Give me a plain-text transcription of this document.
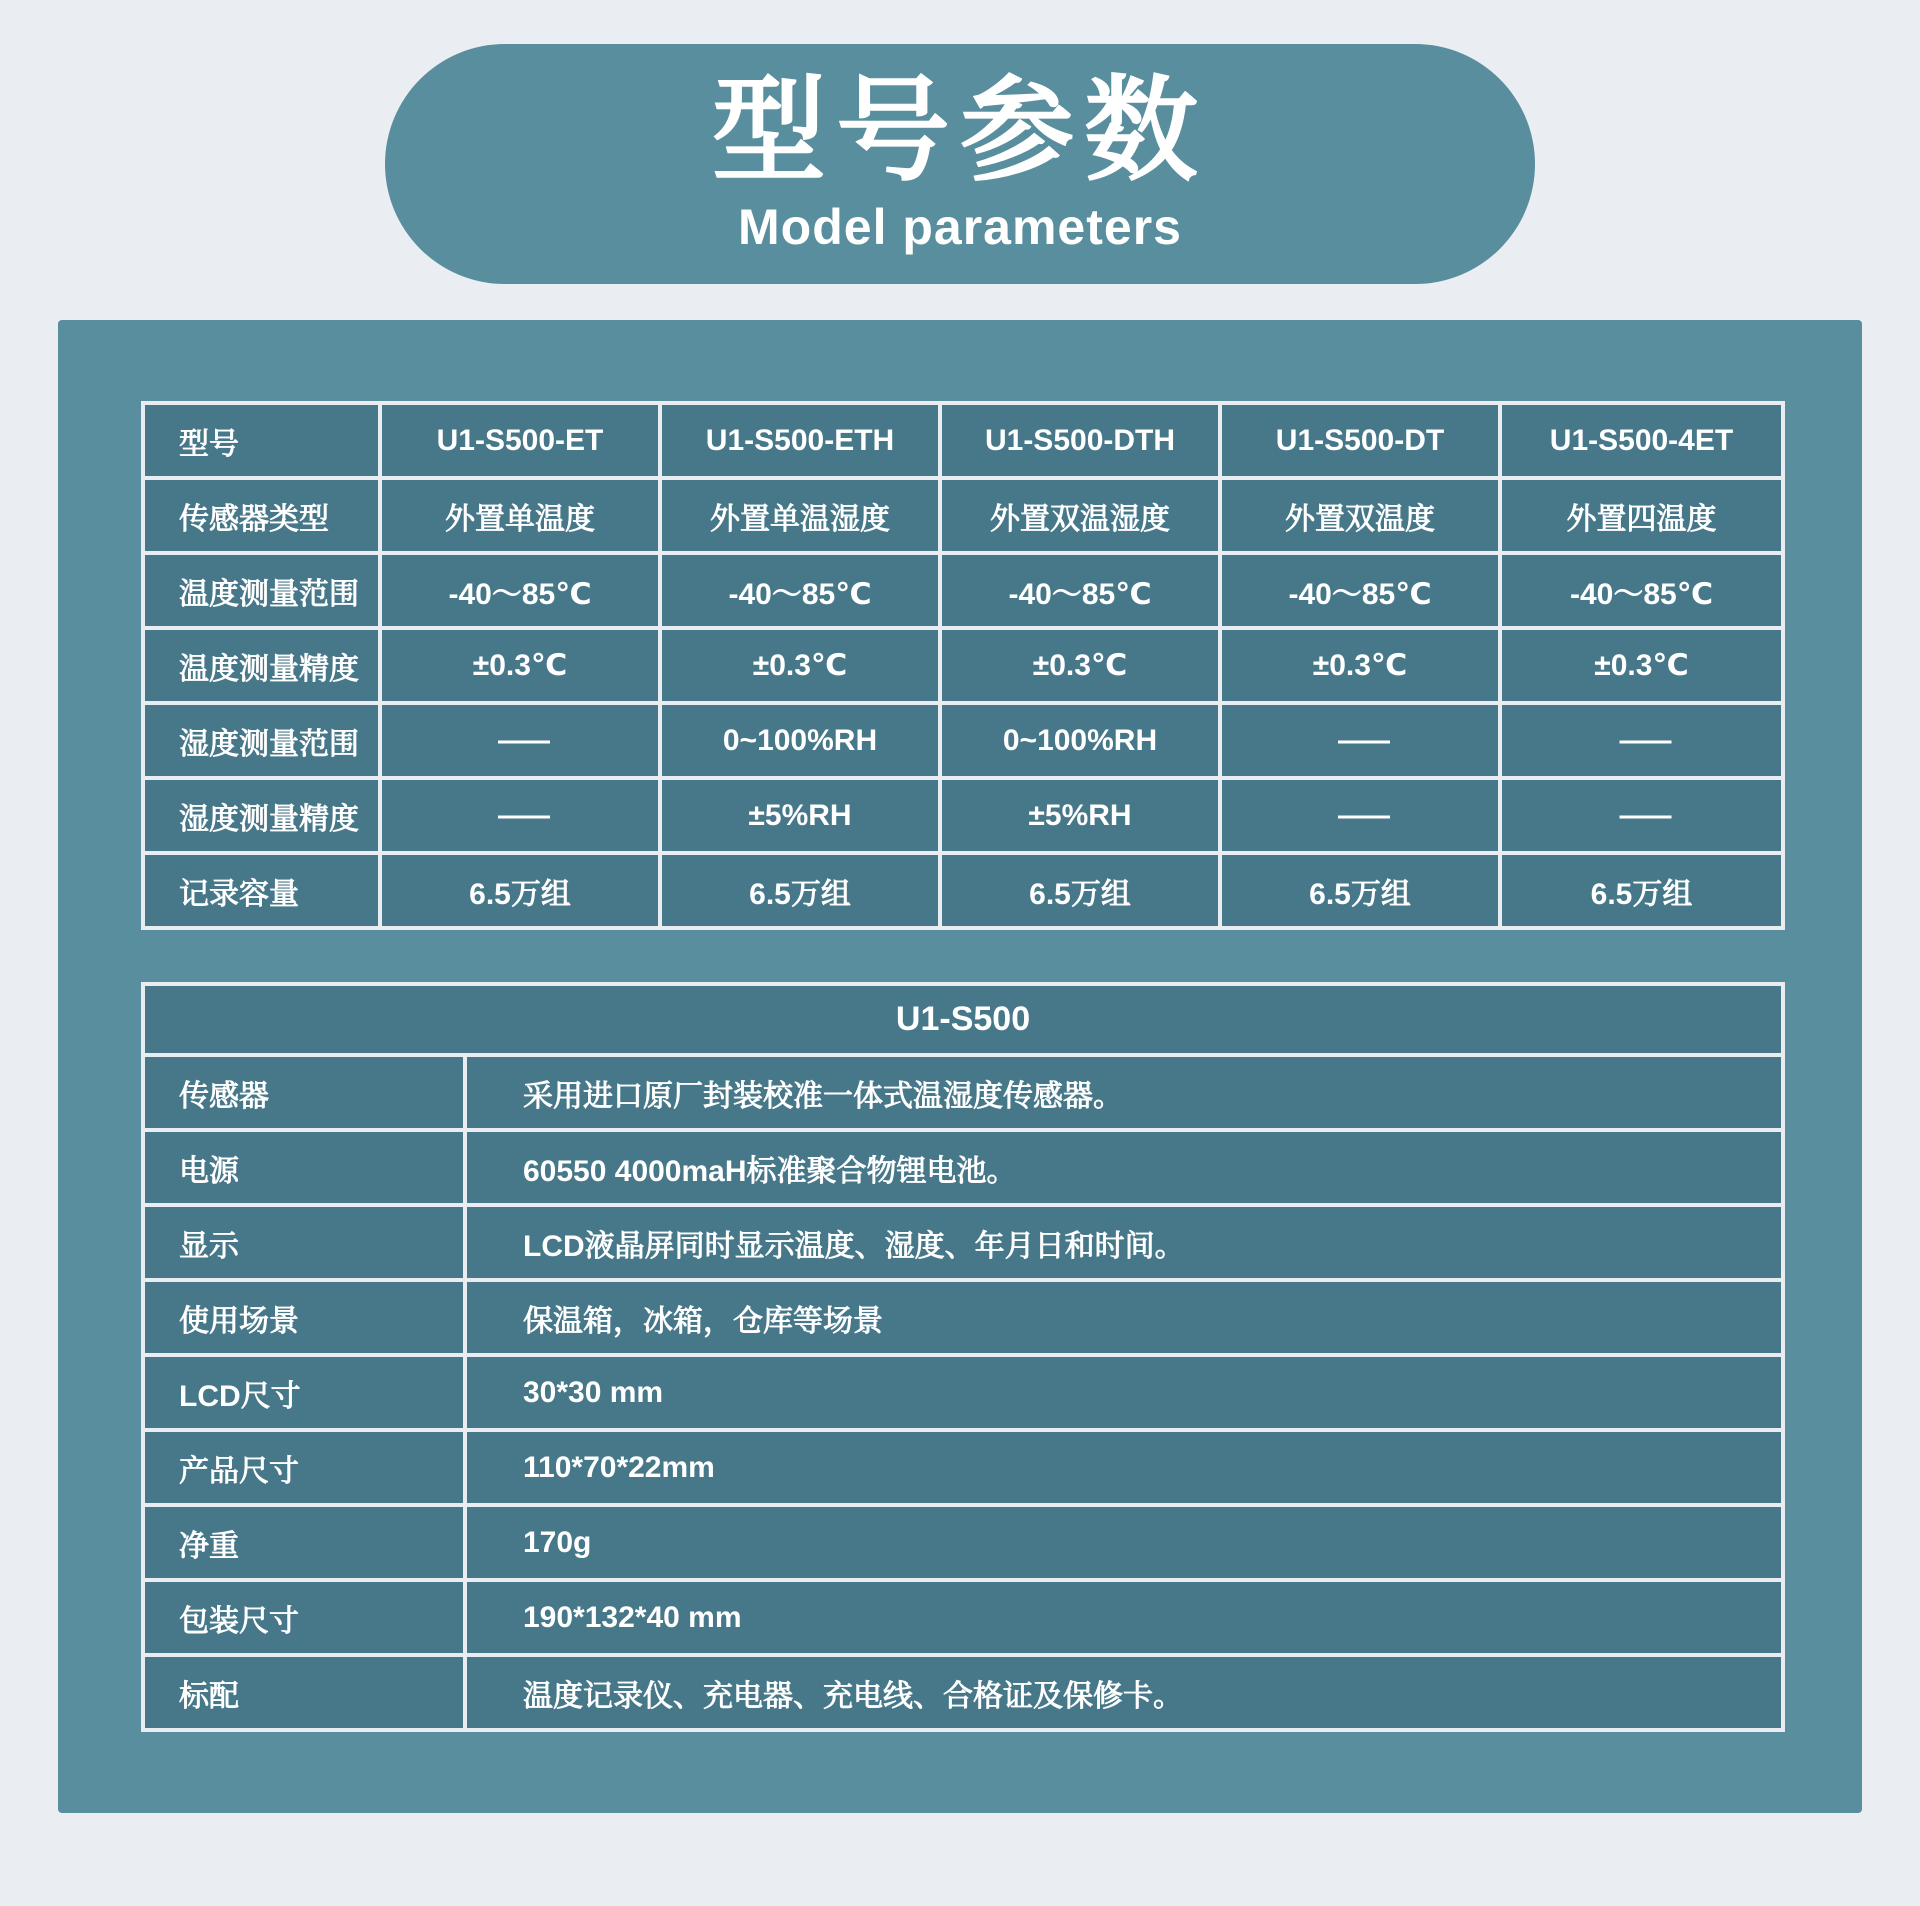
型号参数
Model parameters
型号	U1-S500-ET	U1-S500-ETH	U1-S500-DTH	U1-S500-DT	U1-S500-4ET
传感器类型	外置单温度	外置单温湿度	外置双温湿度	外置双温度	外置四温度
温度测量范围	-40～85℃	-40～85℃	-40～85℃	-40～85℃	-40～85℃
温度测量精度	±0.3℃	±0.3℃	±0.3℃	±0.3℃	±0.3℃
湿度测量范围	——	0~100%RH	0~100%RH	——	——
湿度测量精度	——	±5%RH	±5%RH	——	——
记录容量	6.5万组	6.5万组	6.5万组	6.5万组	6.5万组
U1-S500	
传感器	采用进口原厂封装校准一体式温湿度传感器。
电源	60550 4000maH标准聚合物锂电池。
显示	LCD液晶屏同时显示温度、湿度、年月日和时间。
使用场景	保温箱，冰箱，仓库等场景
LCD尺寸	30*30 mm
产品尺寸	110*70*22mm
净重	170g
包装尺寸	190*132*40 mm
标配	温度记录仪、充电器、充电线、合格证及保修卡。
